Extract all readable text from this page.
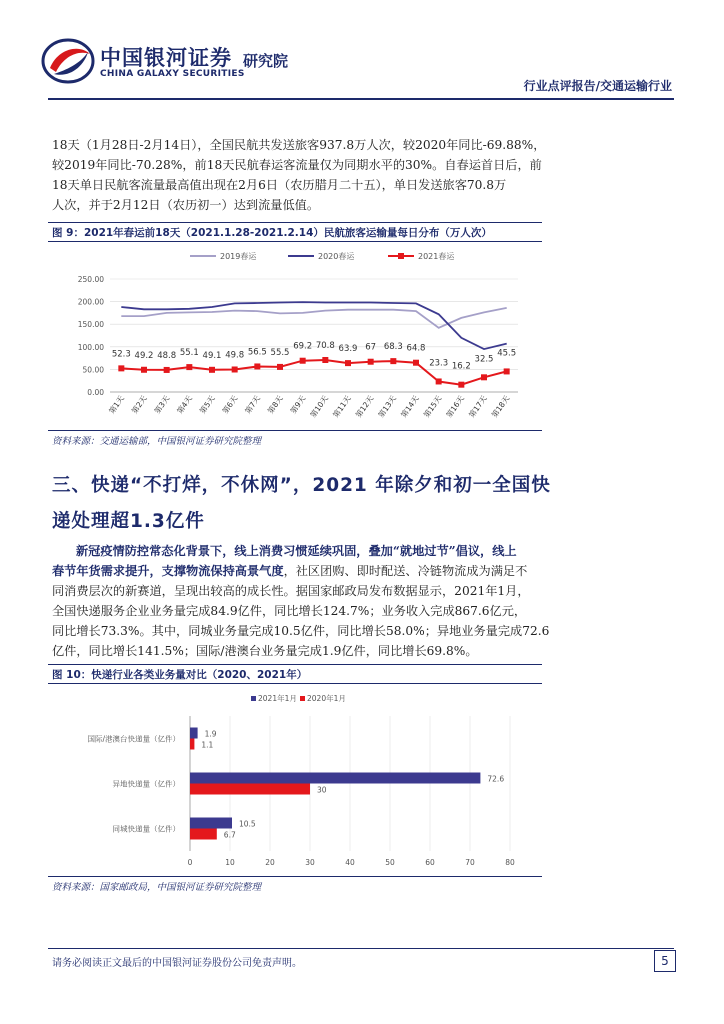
中国银河证券
CHINA GALAXY SECURITIES
研究院
行业点评报告/交通运输行业

18天（1月28日-2月14日），全国民航共发送旅客937.8万人次，较2020年同比-69.88%，

较2019年同比-70.28%，前18天民航春运客流量仅为同期水平的30%。自春运首日后，前

18天单日民航客流量最高值出现在2月6日（农历腊月二十五），单日发送旅客70.8万

人次，并于2月12日（农历初一）达到流量低值。

图 9：2021年春运前18天（2021.1.28-2021.2.14）民航旅客运输量每日分布（万人次）
2019春运	2020春运	2021春运
0.00
50.00
100.00
150.00
200.00
250.00
第1天 第2天 第3天 第4天 第5天 第6天 第7天 第8天 第9天 第10天 第11天 第12天 第13天 第14天 第15天 第16天 第17天 第18天
52.3 49.2 48.8 55.1 49.1 49.8 56.5 55.5
69.2 70.8 63.9 67 68.3 64.8
23.3 16.2
32.5
45.5
资料来源：交通运输部，中国银河证券研究院整理
三、快递“不打烊，不休网”，2021 年除夕和初一全国快
递处理超1.3亿件

新冠疫情防控常态化背景下，线上消费习惯延续巩固，叠加“就地过节”倡议，线上

春节年货需求提升，支撑物流保持高景气度，社区团购、即时配送、冷链物流成为满足不

同消费层次的新赛道，呈现出较高的成长性。据国家邮政局发布数据显示，2021年1月，

全国快递服务企业业务量完成84.9亿件，同比增长124.7%；业务收入完成867.6亿元，

同比增长73.3%。其中，同城业务量完成10.5亿件，同比增长58.0%；异地业务量完成72.6

亿件，同比增长141.5%；国际/港澳台业务量完成1.9亿件，同比增长69.8%。

图 10：快递行业各类业务量对比（2020、2021年）
2021年1月 2020年1月
0	10	20	30	40	50	60	70	80
国际/港澳台快递量（亿件）
1.9
1.1
异地快递量（亿件）
72.6
30
同城快递量（亿件）
10.5
6.7
资料来源：国家邮政局，中国银河证券研究院整理
请务必阅读正文最后的中国银河证券股份公司免责声明。	5
